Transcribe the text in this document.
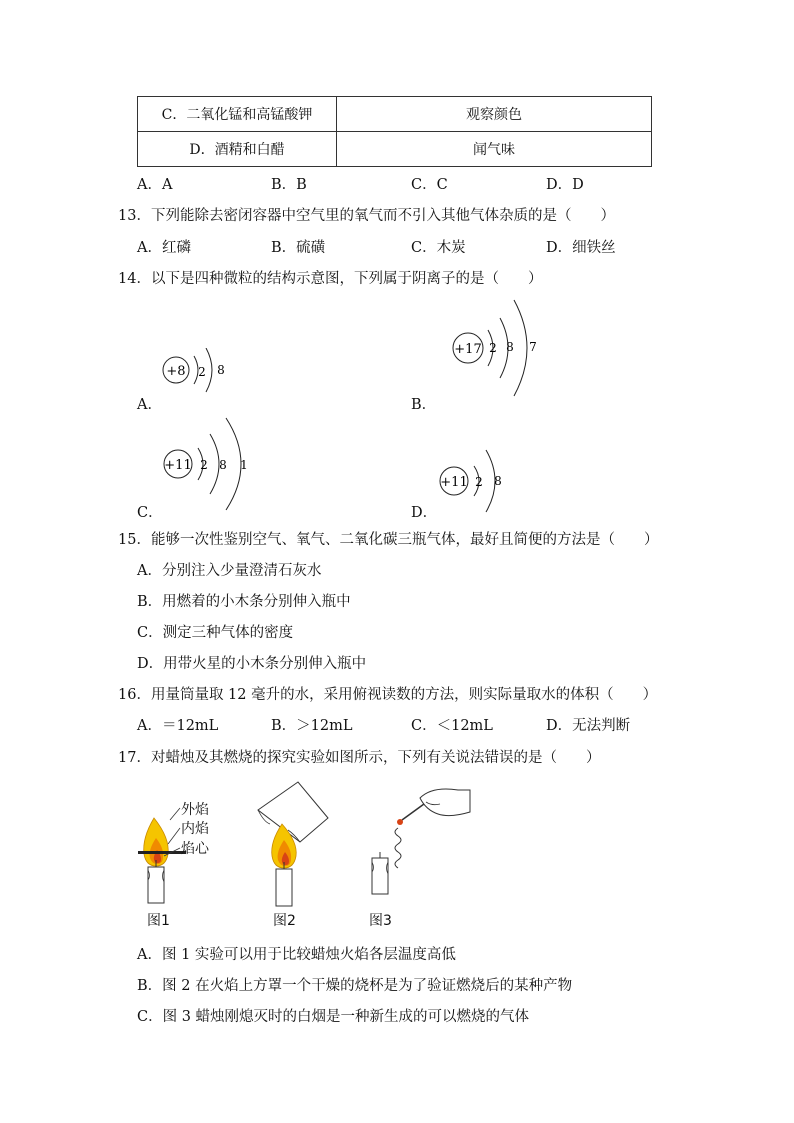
C．二氧化锰和高锰酸钾	观察颜色
D．酒精和白醋	闻气味
A．A	B．B	C．C	D．D
13．下列能除去密闭容器中空气里的氧气而不引入其他气体杂质的是（　　）
A．红磷	B．硫磺	C．木炭	D．细铁丝
14．以下是四种微粒的结构示意图，下列属于阴离子的是（　　）
A．	B．
C．	D．
+8 2 8
+17 2 8 7
+11 2 8 1
+11 2 8
15．能够一次性鉴别空气、氧气、二氧化碳三瓶气体，最好且简便的方法是（　　）
A．分别注入少量澄清石灰水
B．用燃着的小木条分别伸入瓶中
C．测定三种气体的密度
D．用带火星的小木条分别伸入瓶中
16．用量筒量取 12 毫升的水，采用俯视读数的方法，则实际量取水的体积（　　）
A．＝12mL	B．＞12mL	C．＜12mL	D．无法判断
17．对蜡烛及其燃烧的探究实验如图所示，下列有关说法错误的是（　　）
外焰
内焰
焰心
图1	图2	图3
A．图 1 实验可以用于比较蜡烛火焰各层温度高低
B．图 2 在火焰上方罩一个干燥的烧杯是为了验证燃烧后的某种产物
C．图 3 蜡烛刚熄灭时的白烟是一种新生成的可以燃烧的气体
